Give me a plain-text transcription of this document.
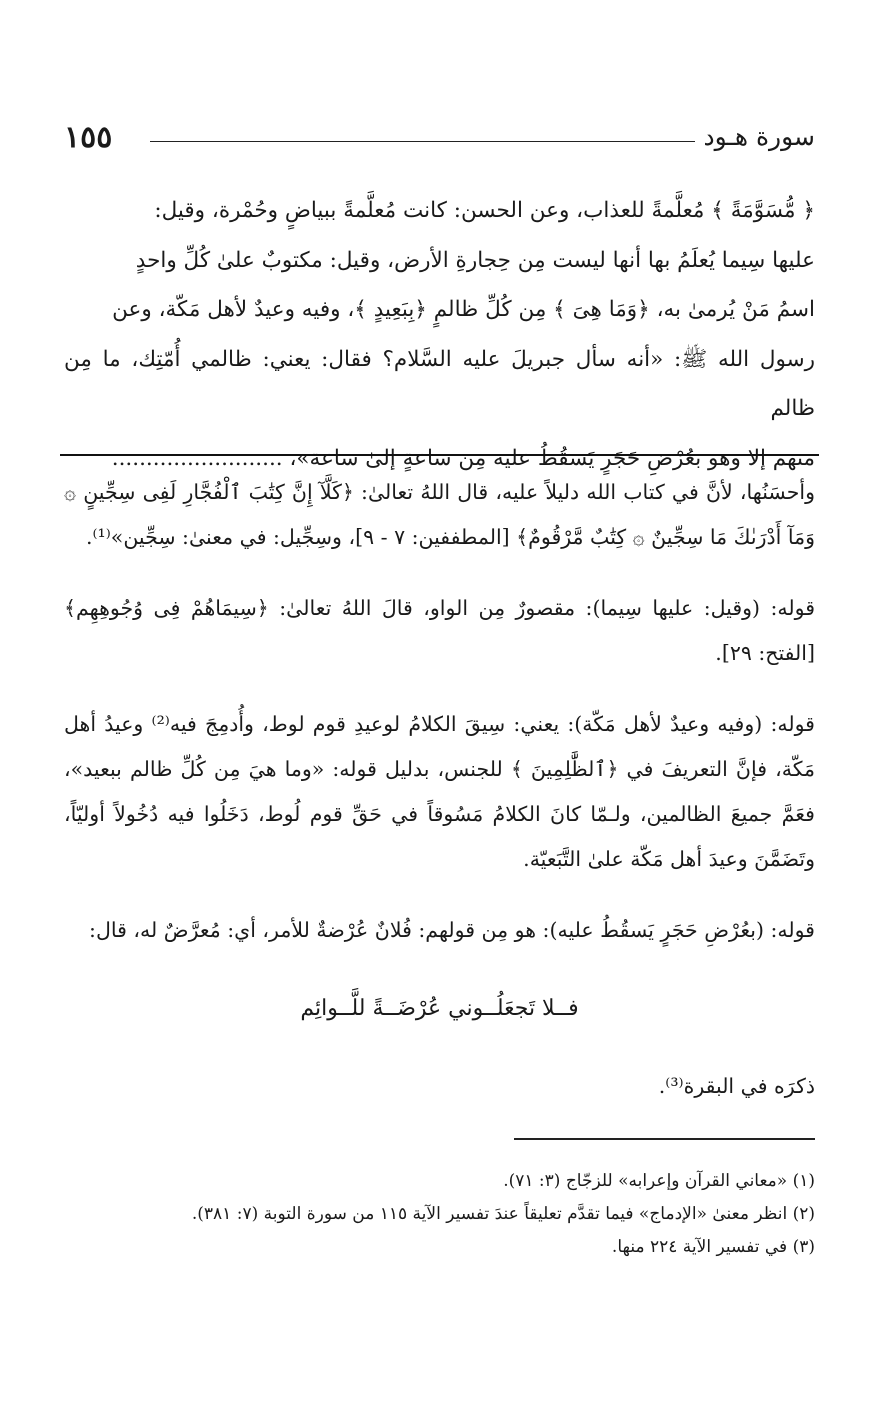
١٥٥	سورة هـود
﴿ مُّسَوَّمَةً ﴾ مُعلَّمةً للعذاب، وعن الحسن: كانت مُعلَّمةً ببياضٍ وحُمْرة، وقيل:
عليها سِيما يُعلَمُ بها أنها ليست مِن حِجارةِ الأرض، وقيل: مكتوبٌ علىٰ كُلِّ واحدٍ
اسمُ مَنْ يُرمىٰ به، ﴿وَمَا هِىَ ﴾ مِن كُلِّ ظالمٍ ﴿بِبَعِيدٍ ﴾، وفيه وعيدٌ لأهل مَكّة، وعن
رسول الله ﷺ: «أنه سأل جبريلَ عليه السَّلام؟ فقال: يعني: ظالمي أُمّتِك، ما مِن ظالم
منهم إلا وهو بعُرْضِ حَجَرٍ يَسقُطُ عليه مِن ساعةٍ إلىٰ ساعة»، .........................

وأحسَنُها، لأنَّ في كتاب الله دليلاً عليه، قال اللهُ تعالىٰ: ﴿كَلَّآ إِنَّ كِتَٰبَ ٱلْفُجَّارِ لَفِى سِجِّينٍ ۞ وَمَآ أَدْرَىٰكَ مَا سِجِّينٌ ۞ كِتَٰبٌ مَّرْقُومٌ﴾ [المطففين: ٧ - ٩]، وسِجِّيل: في معنىٰ: سِجِّين»⁽¹⁾.

قوله: (وقيل: عليها سِيما): مقصورٌ مِن الواو، قالَ اللهُ تعالىٰ: ﴿سِيمَاهُمْ فِى وُجُوهِهِم﴾ [الفتح: ٢٩].

قوله: (وفيه وعيدٌ لأهل مَكّة): يعني: سِيقَ الكلامُ لوعيدِ قوم لوط، وأُدمِجَ فيه⁽²⁾ وعيدُ أهل مَكّة، فإنَّ التعريفَ في ﴿ٱلظَّٰلِمِينَ ﴾ للجنس، بدليل قوله: «وما هيَ مِن كُلِّ ظالم ببعيد»، فعَمَّ جميعَ الظالمين، ولـمّا كانَ الكلامُ مَسُوقاً في حَقِّ قوم لُوط، دَخَلُوا فيه دُخُولاً أوليّاً، وتَضَمَّنَ وعيدَ أهل مَكّة علىٰ التَّبَعيّة.

قوله: (بعُرْضِ حَجَرٍ يَسقُطُ عليه): هو مِن قولهم: فُلانٌ عُرْضةٌ للأمر، أي: مُعرَّضٌ له، قال:

فــلا تَجعَلُــوني عُرْضَــةً للَّــوائِم

ذكرَه في البقرة⁽³⁾.

(١) «معاني القرآن وإعرابه» للزجّاج (٣: ٧١).

(٢) انظر معنىٰ «الإدماج» فيما تقدَّم تعليقاً عندَ تفسير الآية ١١٥ من سورة التوبة (٧: ٣٨١).

(٣) في تفسير الآية ٢٢٤ منها.
